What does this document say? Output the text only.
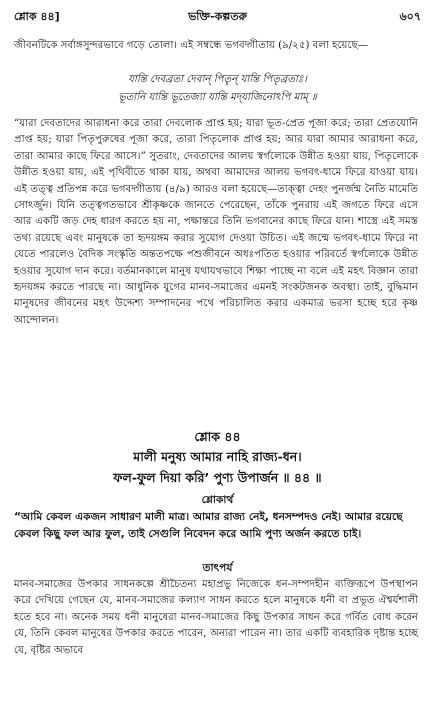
শ্লোক ৪৪]	ভক্তি-কল্পতরু	৬০৭

জীবনটিকে সর্বাঙ্গসুন্দরভাবে গড়ে তোলা। এই সম্বন্ধে ভগবদ্গীতায় (৯/২৫) বলা হয়েছে—

যান্তি দেবব্রতা দেবান্ পিতৄন্ যান্তি পিতৃব্রতাঃ।
ভূতানি যান্তি ভূতেজ্যা যান্তি মদ্‌যাজিনোঽপি মাম্ ॥

“যারা দেবতাদের আরাধনা করে তারা দেবলোক প্রাপ্ত হয়; যারা ভূত-প্রেত পূজা করে; তারা প্রেতযোনি প্রাপ্ত হয়; যারা পিতৃপুরুষের পূজা করে, তারা পিতৃলোক প্রাপ্ত হয়; আর যারা আমার আরাধনা করে, তারা আমার কাছে ফিরে আসে।” সুতরাং, দেবতাদের আলয় স্বর্গলোকে উন্নীত হওয়া যায়, পিতৃলোকে উন্নীত হওয়া যায়, এই পৃথিবীতে থাকা যায়, অথবা আমাদের আলয় ভগবৎ-ধামে ফিরে যাওয়া যায়। এই তত্ত্ব প্রতিপন্ন করে ভগবদ্গীতায় (৪/৯) আরও বলা হয়েছে—ত্যক্ত্বা দেহং পুনর্জন্ম নৈতি মামেতি সোঽর্জুন। যিনি তত্ত্বগতভাবে শ্রীকৃষ্ণকে জানতে পেরেছেন, তাঁকে পুনরায় এই জগতে ফিরে এসে আর একটি জড় দেহ ধারণ করতে হয় না, পক্ষান্তরে তিনি ভগবানের কাছে ফিরে যান। শাস্ত্রে এই সমস্ত তথ্য রয়েছে এবং মানুষকে তা হৃদয়ঙ্গম করার সুযোগ দেওয়া উচিত। এই জন্মে ভগবৎ-ধামে ফিরে না যেতে পারলেও বৈদিক সংস্কৃতি অন্ততপক্ষে পশুজীবনে অধঃপতিত হওয়ার পরিবর্তে স্বর্গলোকে উন্নীত হওয়ার সুযোগ দান করে। বর্তমানকালে মানুষ যথাযথভাবে শিক্ষা পাচ্ছে না বলে এই মহৎ বিজ্ঞান তারা হৃদয়ঙ্গম করতে পারছে না। আধুনিক যুগের মানব-সমাজের এমনই সংকটজনক অবস্থা। তাই, বুদ্ধিমান মানুষদের জীবনের মহৎ উদ্দেশ্য সম্পাদনের পথে পরিচালিত করার একমাত্র ভরসা হচ্ছে হরে কৃষ্ণ আন্দোলন।

শ্লোক ৪৪
মালী মনুষ্য আমার নাহি রাজ্য-ধন।
ফল-ফুল দিয়া করি’ পুণ্য উপার্জন ॥ ৪৪ ॥
শ্লোকার্থ

“আমি কেবল একজন সাধারণ মালী মাত্র। আমার রাজ্য নেই, ধনসম্পদও নেই। আমার রয়েছে কেবল কিছু ফল আর ফুল, তাই সেগুলি নিবেদন করে আমি পুণ্য অর্জন করতে চাই।

তাৎপর্য

মানব-সমাজের উপকার সাধনকল্পে শ্রীচৈতন্য মহাপ্রভু নিজেকে ধন-সম্পদহীন ব্যক্তিরূপে উপস্থাপন করে দেখিয়ে গেছেন যে, মানব-সমাজের কল্যাণ সাধন করতে হলে মানুষকে ধনী বা প্রভূত ঐশ্বর্যশালী হতে হবে না। অনেক সময় ধনী মানুষেরা মানব-সমাজের কিছু উপকার সাধন করে গর্বিত বোধ করেন যে, তিনি কেবল মানুষের উপকার করতে পারেন, অন্যরা পারেন না। তার একটি ব্যবহারিক দৃষ্টান্ত হচ্ছে যে, বৃষ্টির অভাবে
